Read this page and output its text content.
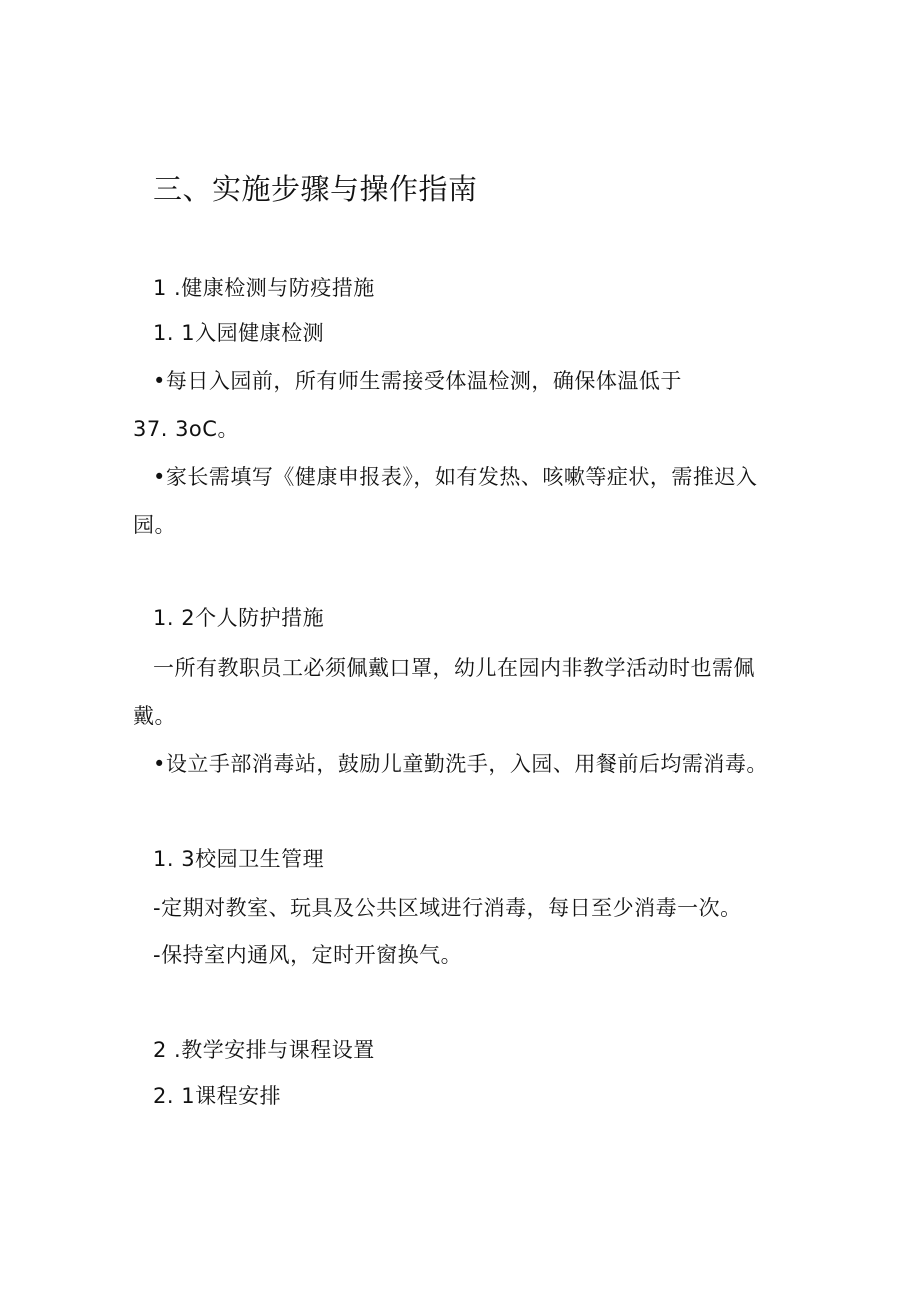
三、实施步骤与操作指南
1 .健康检测与防疫措施
1. 1入园健康检测
•每日入园前，所有师生需接受体温检测，确保体温低于
37. 3oC。
•家长需填写《健康申报表》，如有发热、咳嗽等症状，需推迟入
园。
1. 2个人防护措施
一所有教职员工必须佩戴口罩，幼儿在园内非教学活动时也需佩
戴。
•设立手部消毒站，鼓励儿童勤洗手，入园、用餐前后均需消毒。
1. 3校园卫生管理
-定期对教室、玩具及公共区域进行消毒，每日至少消毒一次。
-保持室内通风，定时开窗换气。
2 .教学安排与课程设置
2. 1课程安排
